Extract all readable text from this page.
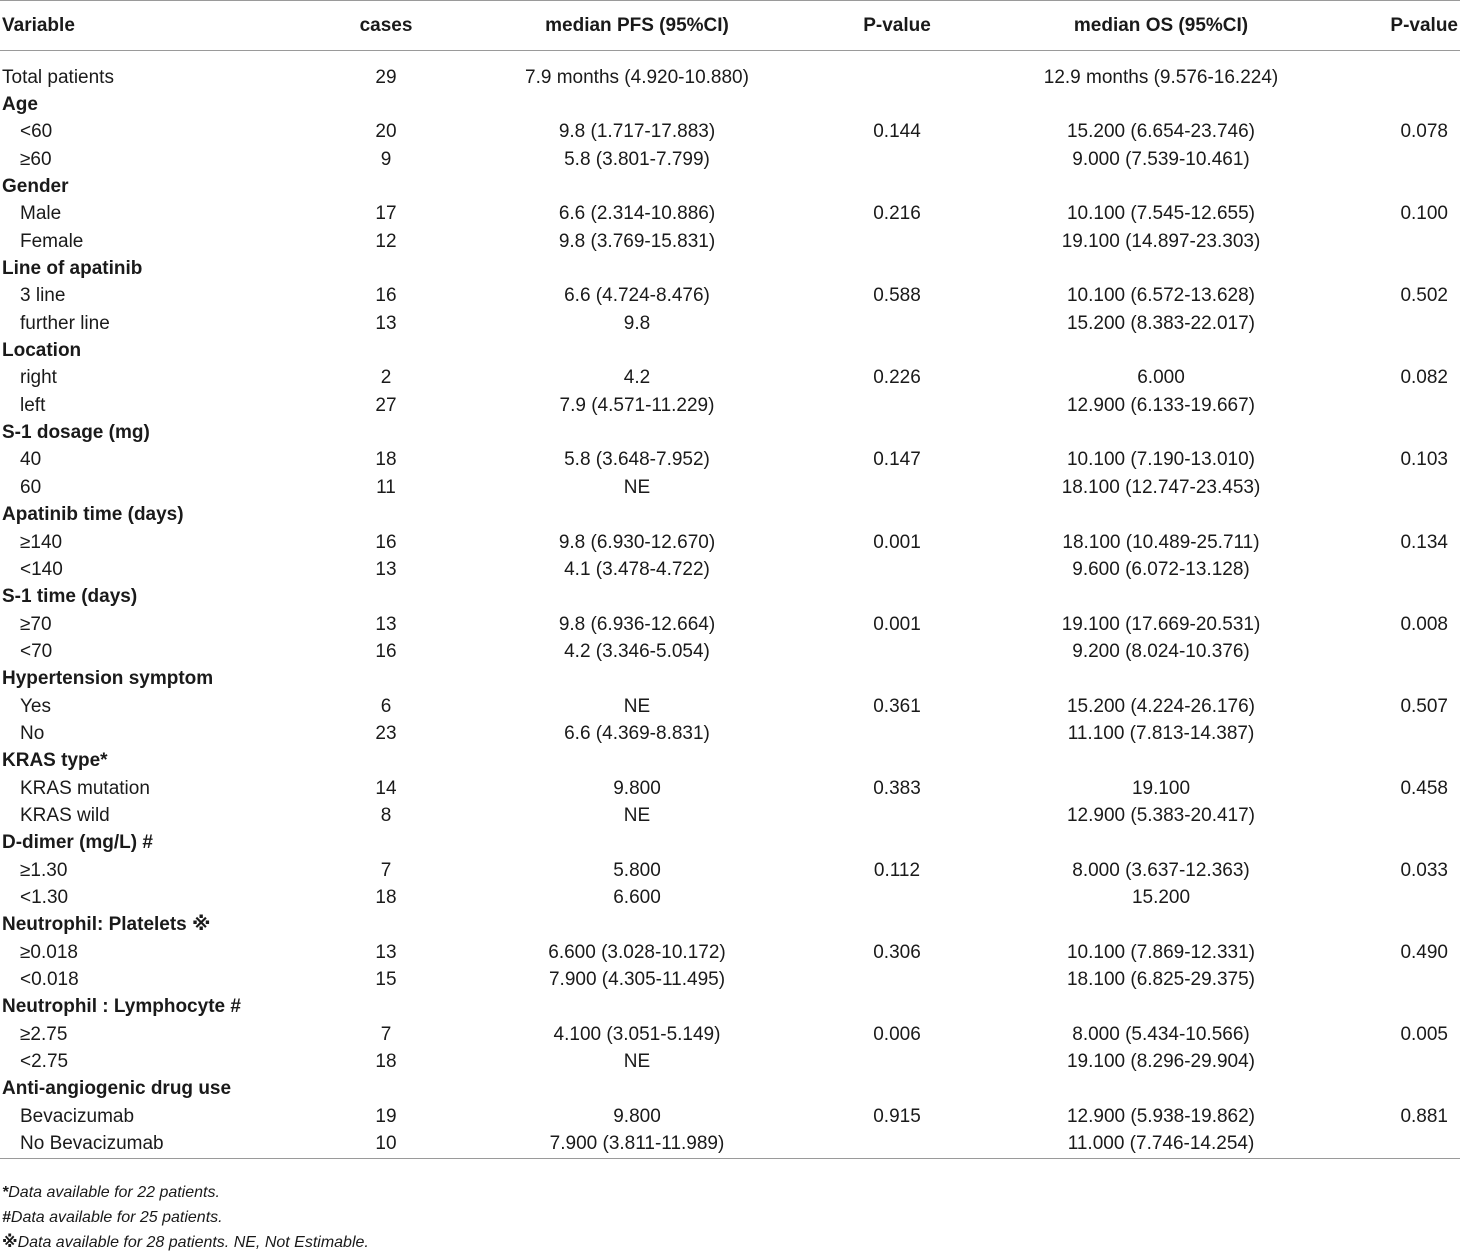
Variable	cases	median PFS (95%CI)	P-value	median OS (95%CI)	P-value

Total patients	29	7.9 months (4.920-10.880)		12.9 months (9.576-16.224)	
Age					
<60	20	9.8 (1.717-17.883)	0.144	15.200 (6.654-23.746)	0.078
≥60	9	5.8 (3.801-7.799)		9.000 (7.539-10.461)	
Gender					
Male	17	6.6 (2.314-10.886)	0.216	10.100 (7.545-12.655)	0.100
Female	12	9.8 (3.769-15.831)		19.100 (14.897-23.303)	
Line of apatinib					
3 line	16	6.6 (4.724-8.476)	0.588	10.100 (6.572-13.628)	0.502
further line	13	9.8		15.200 (8.383-22.017)	
Location					
right	2	4.2	0.226	6.000	0.082
left	27	7.9 (4.571-11.229)		12.900 (6.133-19.667)	
S-1 dosage (mg)					
40	18	5.8 (3.648-7.952)	0.147	10.100 (7.190-13.010)	0.103
60	11	NE		18.100 (12.747-23.453)	
Apatinib time (days)					
≥140	16	9.8 (6.930-12.670)	0.001	18.100 (10.489-25.711)	0.134
<140	13	4.1 (3.478-4.722)		9.600 (6.072-13.128)	
S-1 time (days)					
≥70	13	9.8 (6.936-12.664)	0.001	19.100 (17.669-20.531)	0.008
<70	16	4.2 (3.346-5.054)		9.200 (8.024-10.376)	
Hypertension symptom					
Yes	6	NE	0.361	15.200 (4.224-26.176)	0.507
No	23	6.6 (4.369-8.831)		11.100 (7.813-14.387)	
KRAS type*					
KRAS mutation	14	9.800	0.383	19.100	0.458
KRAS wild	8	NE		12.900 (5.383-20.417)	
D-dimer (mg/L) #					
≥1.30	7	5.800	0.112	8.000 (3.637-12.363)	0.033
<1.30	18	6.600		15.200	
Neutrophil: Platelets ※					
≥0.018	13	6.600 (3.028-10.172)	0.306	10.100 (7.869-12.331)	0.490
<0.018	15	7.900 (4.305-11.495)		18.100 (6.825-29.375)	
Neutrophil : Lymphocyte #					
≥2.75	7	4.100 (3.051-5.149)	0.006	8.000 (5.434-10.566)	0.005
<2.75	18	NE		19.100 (8.296-29.904)	
Anti-angiogenic drug use					
Bevacizumab	19	9.800	0.915	12.900 (5.938-19.862)	0.881
No Bevacizumab	10	7.900 (3.811-11.989)		11.000 (7.746-14.254)	
*Data available for 22 patients.
#Data available for 25 patients.
※Data available for 28 patients. NE, Not Estimable.
